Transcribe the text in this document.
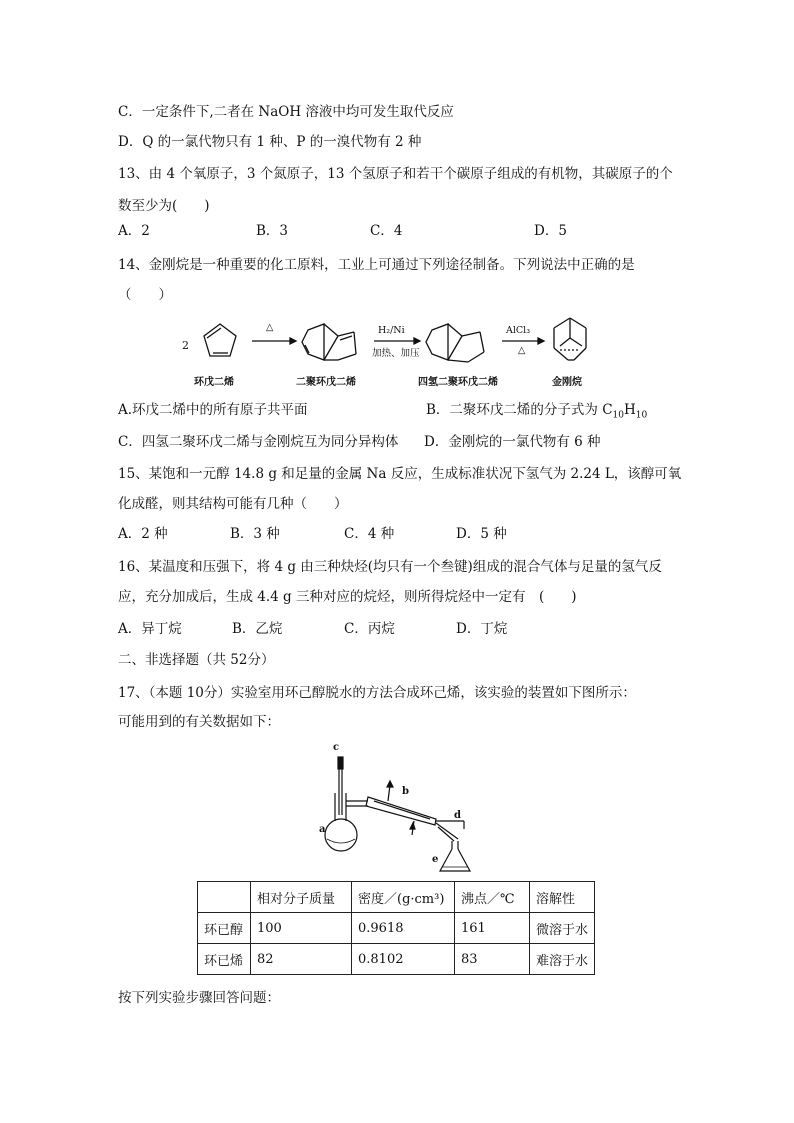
C．一定条件下,二者在 NaOH 溶液中均可发生取代反应
D．Q 的一氯代物只有 1 种、P 的一溴代物有 2 种
13、由 4 个氧原子，3 个氮原子，13 个氢原子和若干个碳原子组成的有机物，其碳原子的个
数至少为(　　)
A．2	B．3	C．4	D．5
14、金刚烷是一种重要的化工原料，工业上可通过下列途径制备。下列说法中正确的是
（　　）
2
△	H₂/Ni
加热、加压
AlCl₃
△
环戊二烯	二聚环戊二烯	四氢二聚环戊二烯	金刚烷
A.环戊二烯中的所有原子共平面	B．二聚环戊二烯的分子式为 $C_{10}H_{10}$
C．四氢二聚环戊二烯与金刚烷互为同分异构体 D．金刚烷的一氯代物有 6 种
15、某饱和一元醇 14.8 g 和足量的金属 Na 反应，生成标准状况下氢气为 2.24 L，该醇可氧
化成醛，则其结构可能有几种（　　）
A．2 种	B．3 种	C．4 种	D．5 种
16、某温度和压强下，将 4 g 由三种炔烃(均只有一个叁键)组成的混合气体与足量的氢气反
应，充分加成后，生成 4.4 g 三种对应的烷烃，则所得烷烃中一定有　(　　)
A．异丁烷	B．乙烷	C．丙烷	D．丁烷
二、非选择题（共 52分）
17、（本题 10分）实验室用环己醇脱水的方法合成环己烯，该实验的装置如下图所示：
可能用到的有关数据如下：
c
b
a
d
e
	相对分子质量	密度／(g·cm³)	沸点／℃	溶解性
环已醇	100	0.9618	161	微溶于水
环已烯	82	0.8102	83	难溶于水
按下列实验步骤回答问题：
